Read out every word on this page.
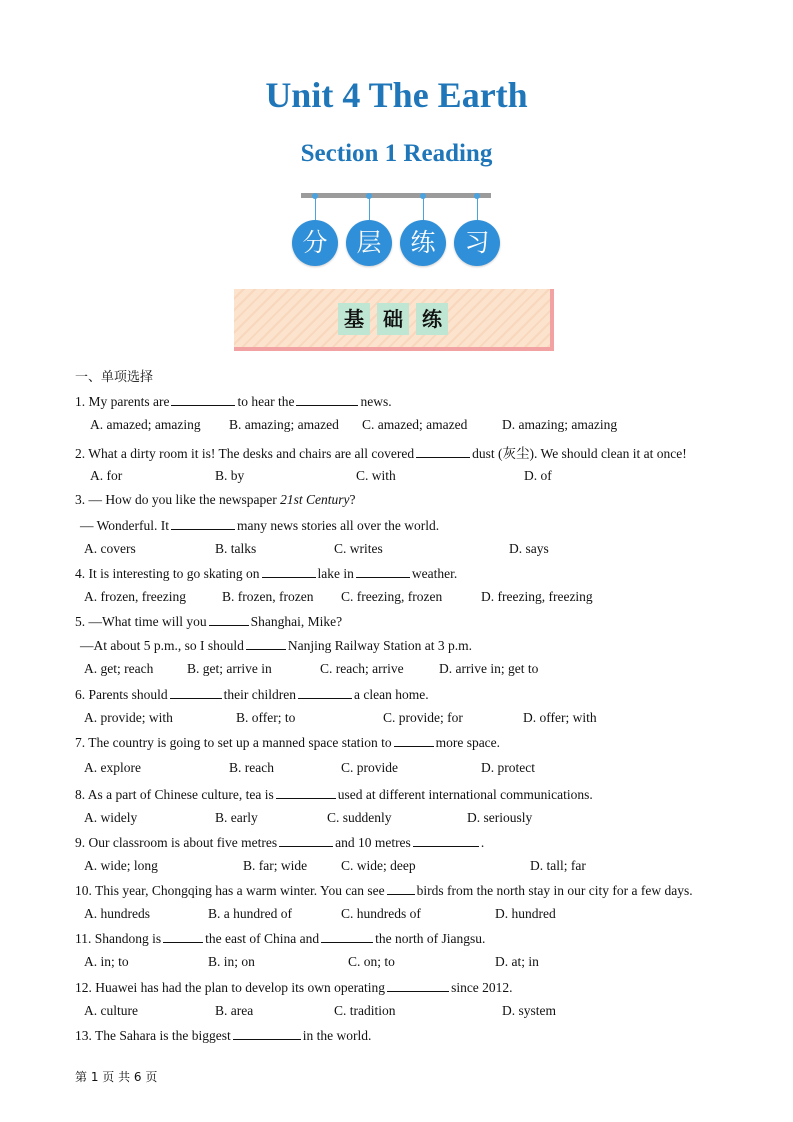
Unit 4 The Earth
Section 1 Reading
分	层	练	习
基 础 练
一、单项选择
1. My parents are	to hear the	news.
A. amazed; amazing B. amazing; amazed C. amazed; amazed	D. amazing; amazing
2. What a dirty room it is! The desks and chairs are all covered	dust (灰尘). We should clean it at once!
A. for	B. by	C. with	D. of
3. — How do you like the newspaper 21st Century?
— Wonderful. It	many news stories all over the world.
A. covers	B. talks	C. writes	D. says
4. It is interesting to go skating on	lake in	weather.
A. frozen, freezing	B. frozen, frozen C. freezing, frozen	D. freezing, freezing
5. —What time will you	Shanghai, Mike?
—At about 5 p.m., so I should	Nanjing Railway Station at 3 p.m.
A. get; reach B. get; arrive in	C. reach; arrive	D. arrive in; get to
6. Parents should	their children	a clean home.
A. provide; with	B. offer; to	C. provide; for	D. offer; with
7. The country is going to set up a manned space station to	more space.
A. explore	B. reach	C. provide	D. protect
8. As a part of Chinese culture, tea is	used at different international communications.
A. widely	B. early	C. suddenly	D. seriously
9. Our classroom is about five metres	and 10 metres	.
A. wide; long	B. far; wide	C. wide; deep	D. tall; far
10. This year, Chongqing has a warm winter. You can see birds from the north stay in our city for a few days.
A. hundreds	B. a hundred of	C. hundreds of	D. hundred
11. Shandong is	the east of China and	the north of Jiangsu.
A. in; to	B. in; on	C. on; to	D. at; in
12. Huawei has had the plan to develop its own operating	since 2012.
A. culture	B. area	C. tradition	D. system
13. The Sahara is the biggest	in the world.
第 1 页 共 6 页
